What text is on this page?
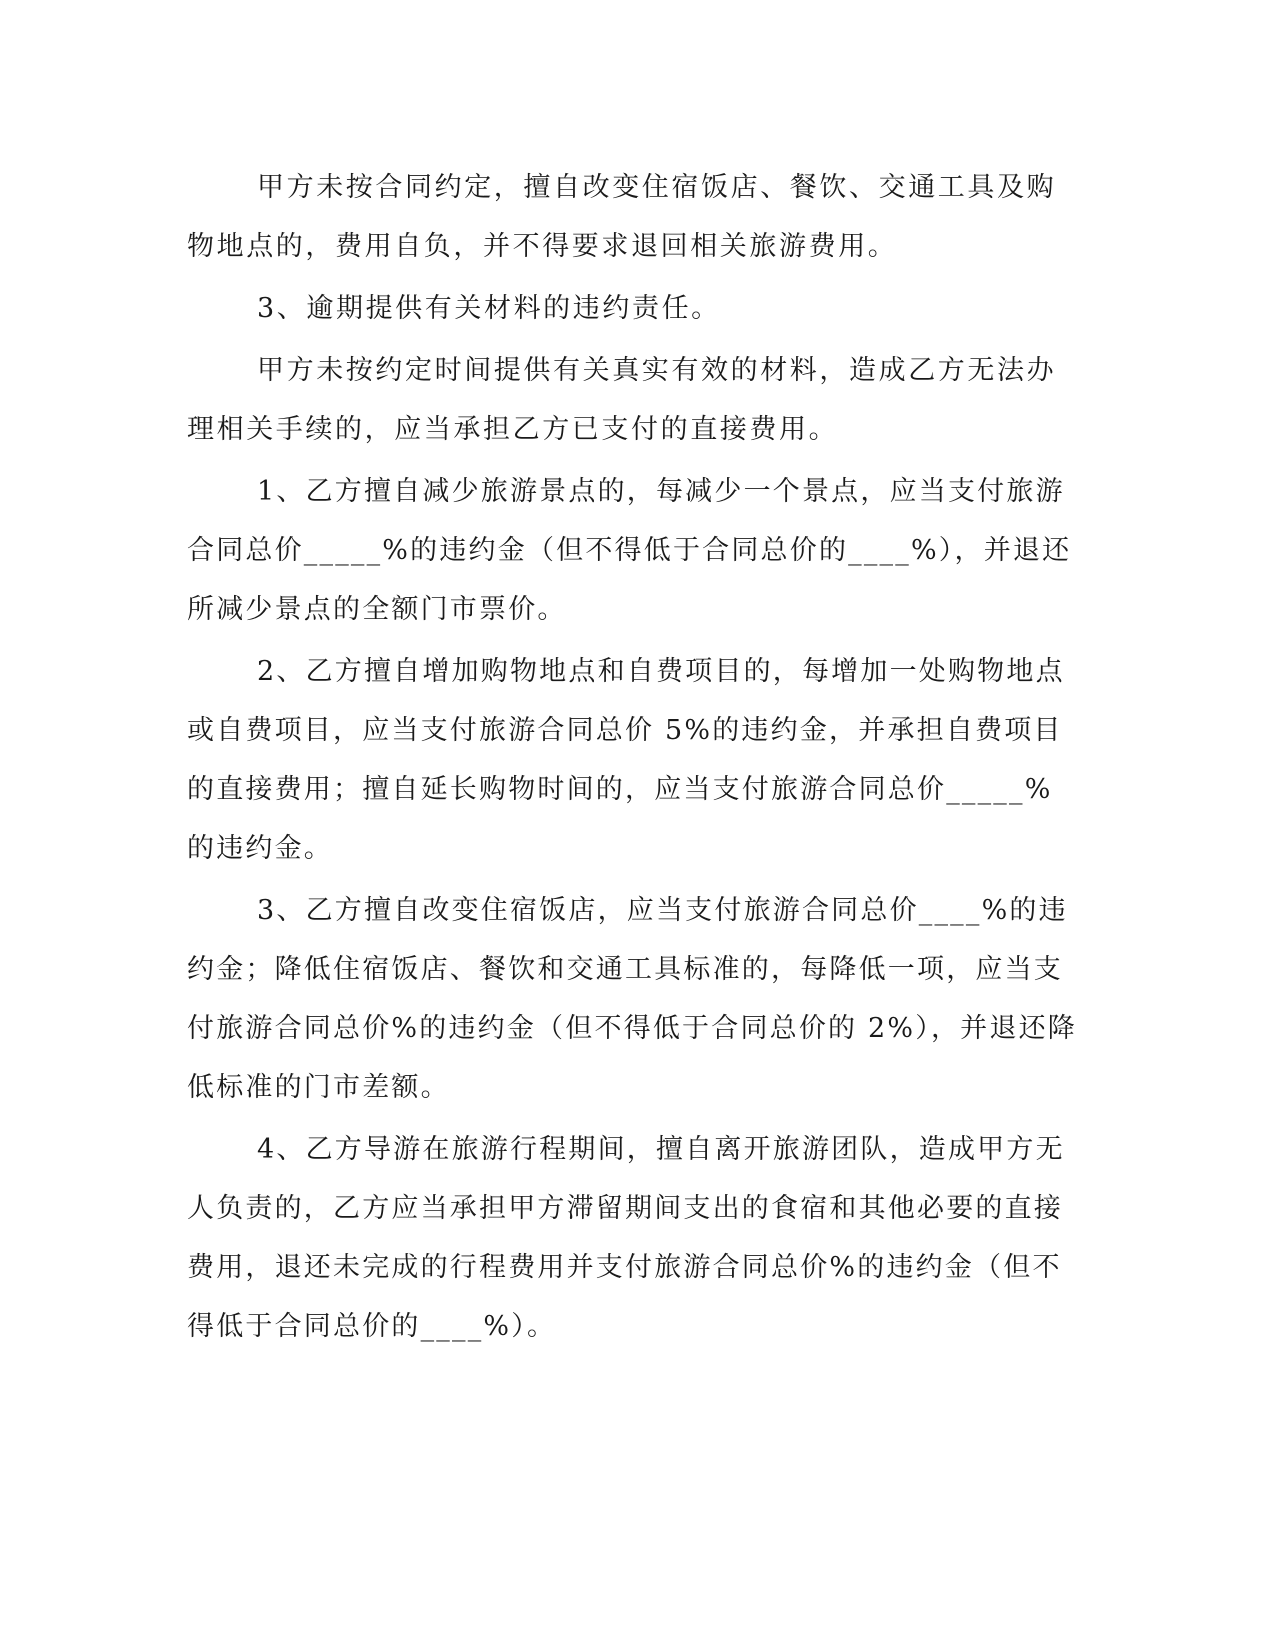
甲方未按合同约定，擅自改变住宿饭店、餐饮、交通工具及购物地点的，费用自负，并不得要求退回相关旅游费用。

3、逾期提供有关材料的违约责任。

甲方未按约定时间提供有关真实有效的材料，造成乙方无法办理相关手续的，应当承担乙方已支付的直接费用。

1、乙方擅自减少旅游景点的，每减少一个景点，应当支付旅游合同总价_____%的违约金（但不得低于合同总价的____%），并退还所减少景点的全额门市票价。

2、乙方擅自增加购物地点和自费项目的，每增加一处购物地点或自费项目，应当支付旅游合同总价 5%的违约金，并承担自费项目的直接费用；擅自延长购物时间的，应当支付旅游合同总价_____%的违约金。

3、乙方擅自改变住宿饭店，应当支付旅游合同总价____%的违约金；降低住宿饭店、餐饮和交通工具标准的，每降低一项，应当支付旅游合同总价%的违约金（但不得低于合同总价的 2%），并退还降低标准的门市差额。

4、乙方导游在旅游行程期间，擅自离开旅游团队，造成甲方无人负责的，乙方应当承担甲方滞留期间支出的食宿和其他必要的直接费用，退还未完成的行程费用并支付旅游合同总价%的违约金（但不得低于合同总价的____%）。
